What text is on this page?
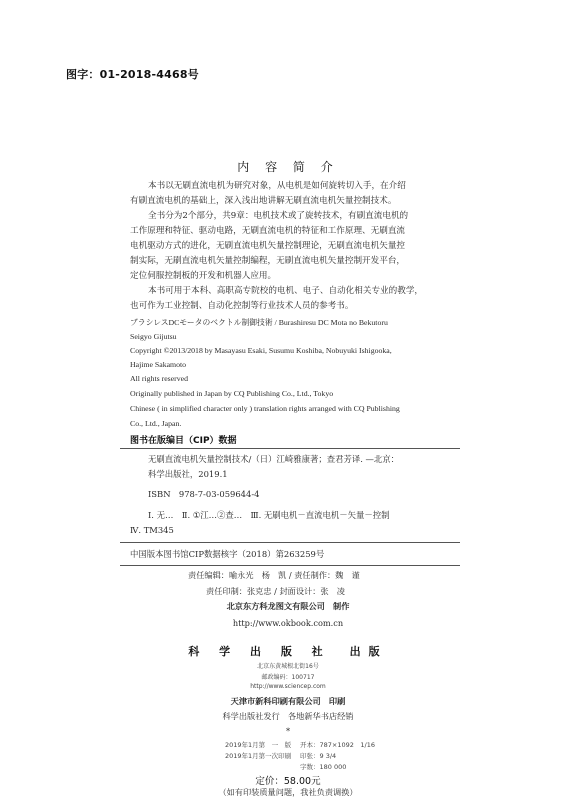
图字：01-2018-4468号
内 容 简 介
本书以无刷直流电机为研究对象，从电机是如何旋转切入手，在介绍
有刷直流电机的基础上，深入浅出地讲解无刷直流电机矢量控制技术。
全书分为2个部分，共9章：电机技术或了旋转技术，有刷直流电机的
工作原理和特征、驱动电路，无刷直流电机的特征和工作原理、无刷直流
电机驱动方式的进化，无刷直流电机矢量控制理论，无刷直流电机矢量控
制实际，无刷直流电机矢量控制编程，无刷直流电机矢量控制开发平台，
定位伺服控制板的开发和机器人应用。
本书可用于本科、高职高专院校的电机、电子、自动化相关专业的教学，
也可作为工业控制、自动化控制等行业技术人员的参考书。
ブラシレスDCモータのベクトル制御技術 / Burashiresu DC Mota no Bekutoru
Seigyo Gijutsu
Copyright ©2013/2018 by Masayasu Esaki, Susumu Koshiba, Nobuyuki Ishigooka,
Hajime Sakamoto
All rights reserved
Originally published in Japan by CQ Publishing Co., Ltd., Tokyo
Chinese ( in simplified character only ) translation rights arranged with CQ Publishing
Co., Ltd., Japan.
图书在版编目（CIP）数据
无刷直流电机矢量控制技术/（日）江崎雅康著；查君芳译. —北京：
科学出版社，2019.1
ISBN　978-7-03-059644-4
Ⅰ. 无…　Ⅱ. ①江…②查…　Ⅲ. 无刷电机－直流电机－矢量－控制
Ⅳ. TM345
中国版本图书馆CIP数据核字（2018）第263259号
责任编辑：喻永光　杨　凯 / 责任制作：魏　谨
责任印制：张克忠 / 封面设计：张　凌
北京东方科龙图文有限公司　制作
http://www.okbook.com.cn
科 学 出 版 社　出版
北京东黄城根北街16号
邮政编码：100717
http://www.sciencep.com
天津市新科印刷有限公司　印刷
科学出版社发行　各地新华书店经销
*
2019年1月第　一　版 开本：787×1092　1/16
2019年1月第一次印刷 印张：9 3/4
字数：180 000
定价：58.00元
（如有印装质量问题，我社负责调换）
